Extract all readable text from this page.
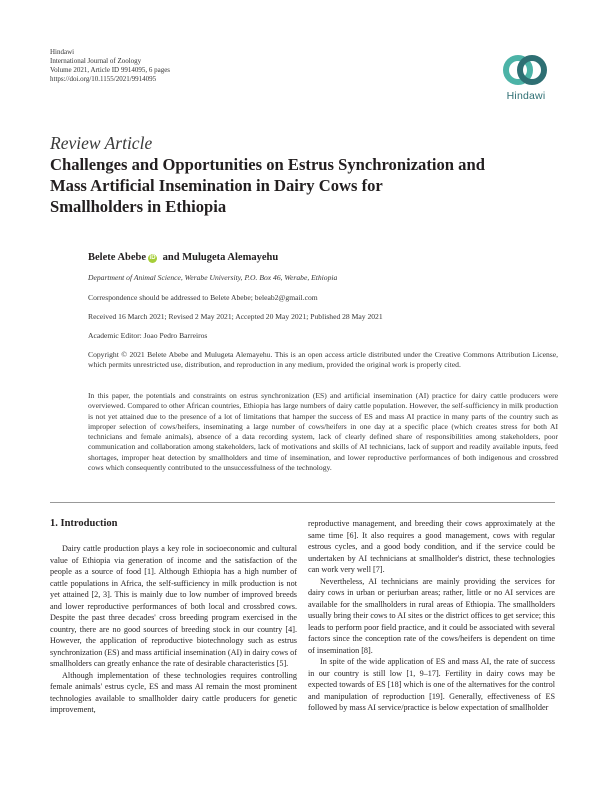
Hindawi
International Journal of Zoology
Volume 2021, Article ID 9914095, 6 pages
https://doi.org/10.1155/2021/9914095
Hindawi
Review Article
Challenges and Opportunities on Estrus Synchronization and
Mass Artificial Insemination in Dairy Cows for
Smallholders in Ethiopia
Belete Abebe iD and Mulugeta Alemayehu
Department of Animal Science, Werabe University, P.O. Box 46, Werabe, Ethiopia
Correspondence should be addressed to Belete Abebe; beleab2@gmail.com
Received 16 March 2021; Revised 2 May 2021; Accepted 20 May 2021; Published 28 May 2021
Academic Editor: Joao Pedro Barreiros
Copyright © 2021 Belete Abebe and Mulugeta Alemayehu. This is an open access article distributed under the Creative Commons Attribution License, which permits unrestricted use, distribution, and reproduction in any medium, provided the original work is properly cited.
In this paper, the potentials and constraints on estrus synchronization (ES) and artificial insemination (AI) practice for dairy cattle producers were overviewed. Compared to other African countries, Ethiopia has large numbers of dairy cattle population. However, the self-sufficiency in milk production is not yet attained due to the presence of a lot of limitations that hamper the success of ES and mass AI practice in many parts of the country such as improper selection of cows/heifers, inseminating a large number of cows/heifers in one day at a specific place (which creates stress for both AI technicians and female animals), absence of a data recording system, lack of clearly defined share of responsibilities among stakeholders, poor communication and collaboration among stakeholders, lack of motivations and skills of AI technicians, lack of support and readily available inputs, feed shortages, improper heat detection by smallholders and time of insemination, and lower reproductive performances of both indigenous and crossbred cows which consequently contributed to the unsuccessfulness of the technology.
1. Introduction

Dairy cattle production plays a key role in socioeconomic and cultural value of Ethiopia via generation of income and the satisfaction of the people as a source of food [1]. Although Ethiopia has a high number of cattle populations in Africa, the self-sufficiency in milk production is not yet attained [2, 3]. This is mainly due to low number of improved breeds and lower reproductive performances of both local and crossbred cows. Despite the past three decades' cross breeding program exercised in the country, there are no good sources of breeding stock in our country [4]. However, the application of reproductive biotechnology such as estrus synchronization (ES) and mass artificial insemination (AI) in dairy cows of smallholders can greatly enhance the rate of desirable characteristics [5].

Although implementation of these technologies requires controlling female animals' estrus cycle, ES and mass AI remain the most prominent technologies available to smallholder dairy cattle producers for genetic improvement,

reproductive management, and breeding their cows approximately at the same time [6]. It also requires a good management, cows with regular estrous cycles, and a good body condition, and if the service could be undertaken by AI technicians at smallholder's district, these technologies can work very well [7].

Nevertheless, AI technicians are mainly providing the services for dairy cows in urban or periurban areas; rather, little or no AI services are available for the smallholders in rural areas of Ethiopia. The smallholders usually bring their cows to AI sites or the district offices to get service; this leads to perform poor field practice, and it could be associated with several factors since the conception rate of the cows/heifers is dependent on time of insemination [8].

In spite of the wide application of ES and mass AI, the rate of success in our country is still low [1, 9–17]. Fertility in dairy cows may be expected towards of ES [18] which is one of the alternatives for the control and manipulation of reproduction [19]. Generally, effectiveness of ES followed by mass AI service/practice is below expectation of smallholder
